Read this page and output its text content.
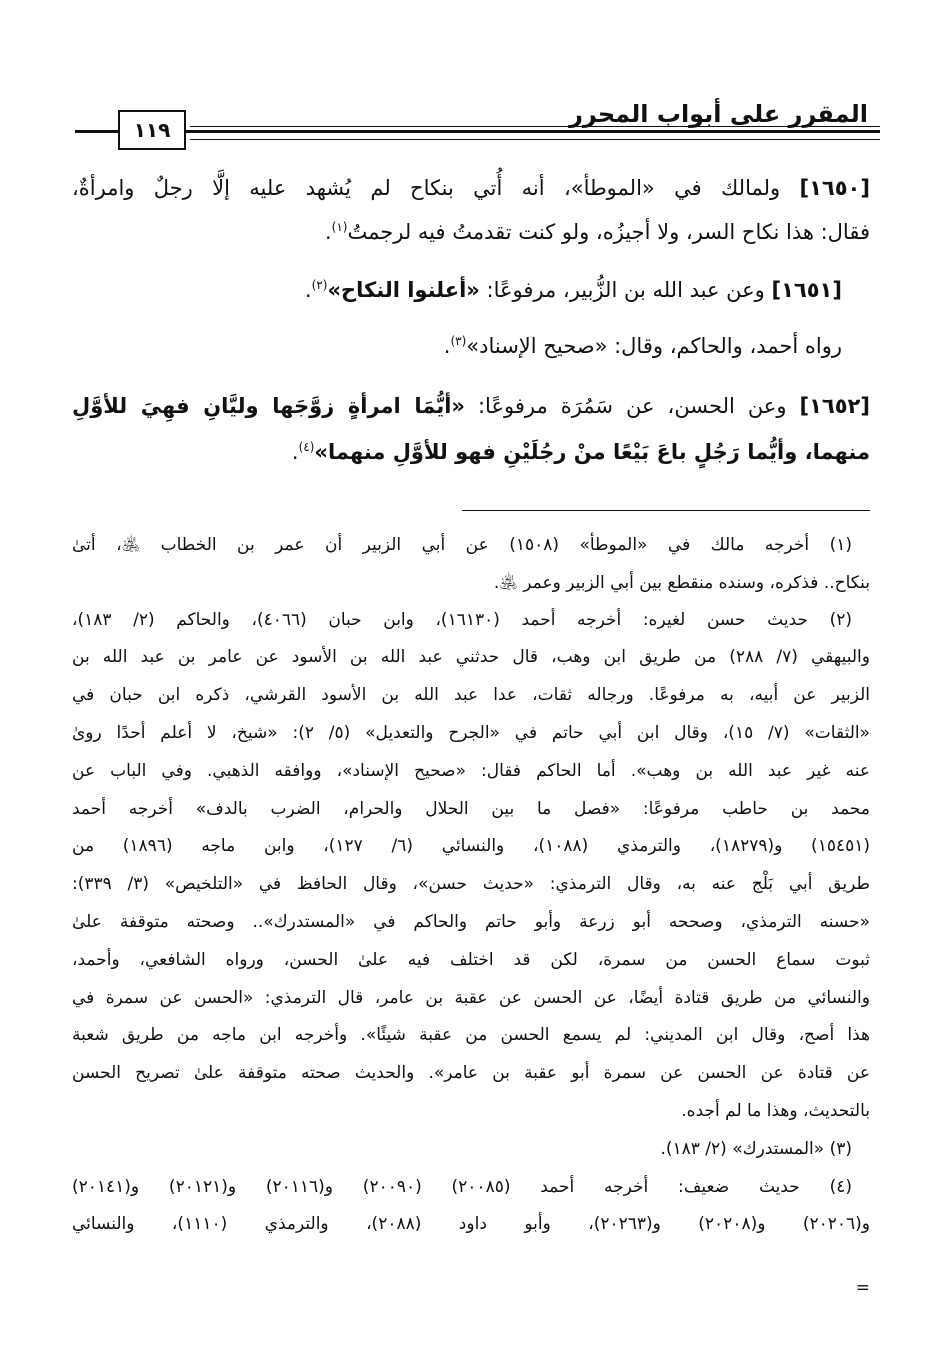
المقرر على أبواب المحرر
١١٩
[١٦٥٠] ولمالك في «الموطأ»، أنه أُتي بنكاح لم يُشهد عليه إلَّا رجلٌ وامرأةٌ،
فقال: هذا نكاح السر، ولا أجيزُه، ولو كنت تقدمتُ فيه لرجمتُ$^{(١)}$.
[١٦٥١] وعن عبد الله بن الزُّبير، مرفوعًا: «أعلنوا النكاح»$^{(٢)}$.
رواه أحمد، والحاكم، وقال: «صحيح الإسناد»$^{(٣)}$.
[١٦٥٢] وعن الحسن، عن سَمُرَة مرفوعًا: «أيُّمَا امرأةٍ زوَّجَها وليَّانِ فهِيَ للأوَّلِ
منهما، وأيُّما رَجُلٍ باعَ بَيْعًا منْ رجُلَيْنِ فهو للأوَّلِ منهما»$^{(٤)}$.
(١) أخرجه مالك في «الموطأ» (١٥٠٨) عن أبي الزبير أن عمر بن الخطاب ﵁، أتىٰ
بنكاح.. فذكره، وسنده منقطع بين أبي الزبير وعمر ﵁.
(٢) حديث حسن لغيره: أخرجه أحمد (١٦١٣٠)، وابن حبان (٤٠٦٦)، والحاكم (٢/ ١٨٣)،
والبيهقي (٧/ ٢٨٨) من طريق ابن وهب، قال حدثني عبد الله بن الأسود عن عامر بن عبد الله بن
الزبير عن أبيه، به مرفوعًا. ورجاله ثقات، عدا عبد الله بن الأسود القرشي، ذكره ابن حبان في
«الثقات» (٧/ ١٥)، وقال ابن أبي حاتم في «الجرح والتعديل» (٥/ ٢): «شيخ، لا أعلم أحدًا روىٰ
عنه غير عبد الله بن وهب». أما الحاكم فقال: «صحيح الإسناد»، ووافقه الذهبي. وفي الباب عن
محمد بن حاطب مرفوعًا: «فصل ما بين الحلال والحرام، الضرب بالدف» أخرجه أحمد
(١٥٤٥١) و(١٨٢٧٩)، والترمذي (١٠٨٨)، والنسائي (٦/ ١٢٧)، وابن ماجه (١٨٩٦) من
طريق أبي بَلْج عنه به، وقال الترمذي: «حديث حسن»، وقال الحافظ في «التلخيص» (٣/ ٣٣٩):
«حسنه الترمذي، وصححه أبو زرعة وأبو حاتم والحاكم في «المستدرك».. وصحته متوقفة علىٰ
ثبوت سماع الحسن من سمرة، لكن قد اختلف فيه علىٰ الحسن، ورواه الشافعي، وأحمد،
والنسائي من طريق قتادة أيضًا، عن الحسن عن عقبة بن عامر، قال الترمذي: «الحسن عن سمرة في
هذا أصح، وقال ابن المديني: لم يسمع الحسن من عقبة شيئًا». وأخرجه ابن ماجه من طريق شعبة
عن قتادة عن الحسن عن سمرة أبو عقبة بن عامر». والحديث صحته متوقفة علىٰ تصريح الحسن
بالتحديث، وهذا ما لم أجده.
(٣) «المستدرك» (٢/ ١٨٣).
(٤) حديث ضعيف: أخرجه أحمد (٢٠٠٨٥) (٢٠٠٩٠) و(٢٠١١٦) و(٢٠١٢١) و(٢٠١٤١)
و(٢٠٢٠٦) و(٢٠٢٠٨) و(٢٠٢٦٣)، وأبو داود (٢٠٨٨)، والترمذي (١١١٠)، والنسائي
=
